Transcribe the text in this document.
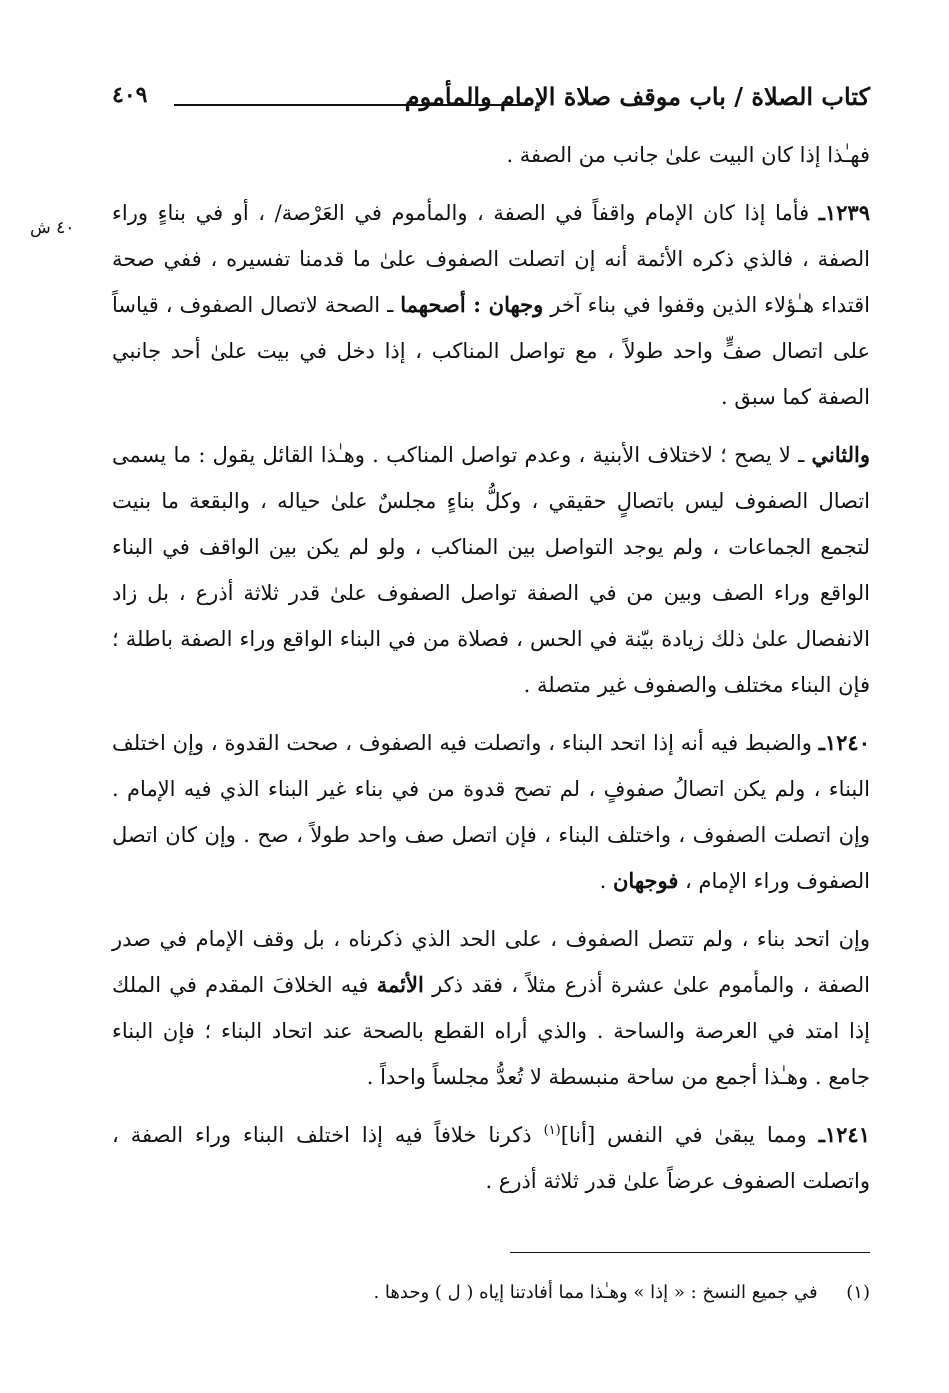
كتاب الصلاة / باب موقف صلاة الإمام والمأموم
٤٠٩
٤٠ ش

فهـٰذا إذا كان البيت علىٰ جانب من الصفة .

١٢٣٩ـ فأما إذا كان الإمام واقفاً في الصفة ، والمأموم في العَرْصة/ ، أو في بناءٍ وراء الصفة ، فالذي ذكره الأئمة أنه إن اتصلت الصفوف علىٰ ما قدمنا تفسيره ، ففي صحة اقتداء هـٰؤلاء الذين وقفوا في بناء آخر وجهان : أصحهما ـ الصحة لاتصال الصفوف ، قياساً على اتصال صفٍّ واحد طولاً ، مع تواصل المناكب ، إذا دخل في بيت علىٰ أحد جانبي الصفة كما سبق .

والثاني ـ لا يصح ؛ لاختلاف الأبنية ، وعدم تواصل المناكب . وهـٰذا القائل يقول : ما يسمى اتصال الصفوف ليس باتصالٍ حقيقي ، وكلُّ بناءٍ مجلسٌ علىٰ حياله ، والبقعة ما بنيت لتجمع الجماعات ، ولم يوجد التواصل بين المناكب ، ولو لم يكن بين الواقف في البناء الواقع وراء الصف وبين من في الصفة تواصل الصفوف علىٰ قدر ثلاثة أذرع ، بل زاد الانفصال علىٰ ذلك زيادة بيّنة في الحس ، فصلاة من في البناء الواقع وراء الصفة باطلة ؛ فإن البناء مختلف والصفوف غير متصلة .

١٢٤٠ـ والضبط فيه أنه إذا اتحد البناء ، واتصلت فيه الصفوف ، صحت القدوة ، وإن اختلف البناء ، ولم يكن اتصالُ صفوفٍ ، لم تصح قدوة من في بناء غير البناء الذي فيه الإمام . وإن اتصلت الصفوف ، واختلف البناء ، فإن اتصل صف واحد طولاً ، صح . وإن كان اتصل الصفوف وراء الإمام ، فوجهان .

وإن اتحد بناء ، ولم تتصل الصفوف ، على الحد الذي ذكرناه ، بل وقف الإمام في صدر الصفة ، والمأموم علىٰ عشرة أذرع مثلاً ، فقد ذكر الأئمة فيه الخلافَ المقدم في الملك إذا امتد في العرصة والساحة . والذي أراه القطع بالصحة عند اتحاد البناء ؛ فإن البناء جامع . وهـٰذا أجمع من ساحة منبسطة لا تُعدُّ مجلساً واحداً .

١٢٤١ـ ومما يبقىٰ في النفس [أنا]$^{(١)}$ ذكرنا خلافاً فيه إذا اختلف البناء وراء الصفة ، واتصلت الصفوف عرضاً علىٰ قدر ثلاثة أذرع .

(١)     في جميع النسخ : « إذا » وهـٰذا مما أفادتنا إياه ( ل ) وحدها .
